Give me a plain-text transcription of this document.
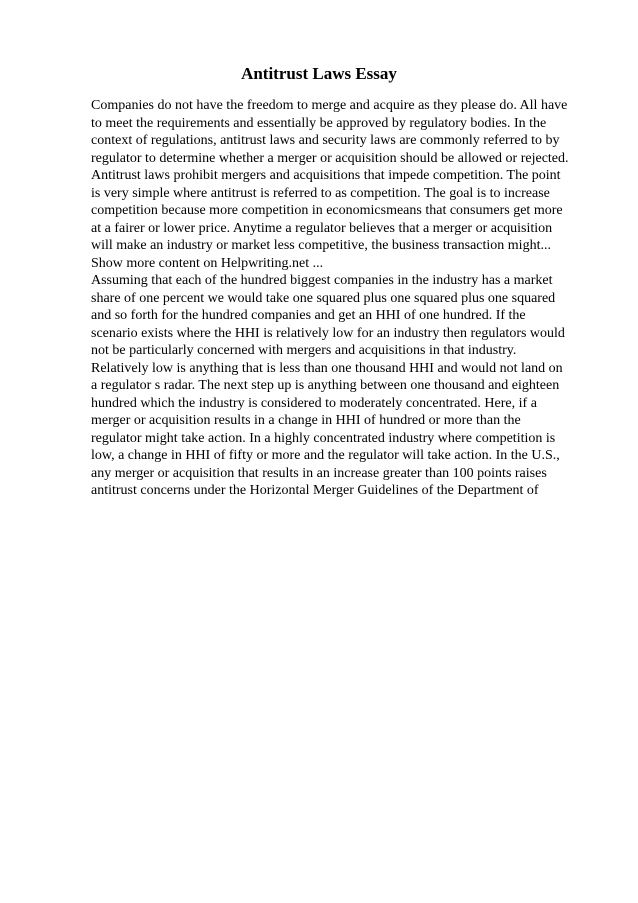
Antitrust Laws Essay
Companies do not have the freedom to merge and acquire as they please do. All have
to meet the requirements and essentially be approved by regulatory bodies. In the
context of regulations, antitrust laws and security laws are commonly referred to by
regulator to determine whether a merger or acquisition should be allowed or rejected.
Antitrust laws prohibit mergers and acquisitions that impede competition. The point
is very simple where antitrust is referred to as competition. The goal is to increase
competition because more competition in economicsmeans that consumers get more
at a fairer or lower price. Anytime a regulator believes that a merger or acquisition
will make an industry or market less competitive, the business transaction might...
Show more content on Helpwriting.net ...
Assuming that each of the hundred biggest companies in the industry has a market
share of one percent we would take one squared plus one squared plus one squared
and so forth for the hundred companies and get an HHI of one hundred. If the
scenario exists where the HHI is relatively low for an industry then regulators would
not be particularly concerned with mergers and acquisitions in that industry.
Relatively low is anything that is less than one thousand HHI and would not land on
a regulator s radar. The next step up is anything between one thousand and eighteen
hundred which the industry is considered to moderately concentrated. Here, if a
merger or acquisition results in a change in HHI of hundred or more than the
regulator might take action. In a highly concentrated industry where competition is
low, a change in HHI of fifty or more and the regulator will take action. In the U.S.,
any merger or acquisition that results in an increase greater than 100 points raises
antitrust concerns under the Horizontal Merger Guidelines of the Department of
